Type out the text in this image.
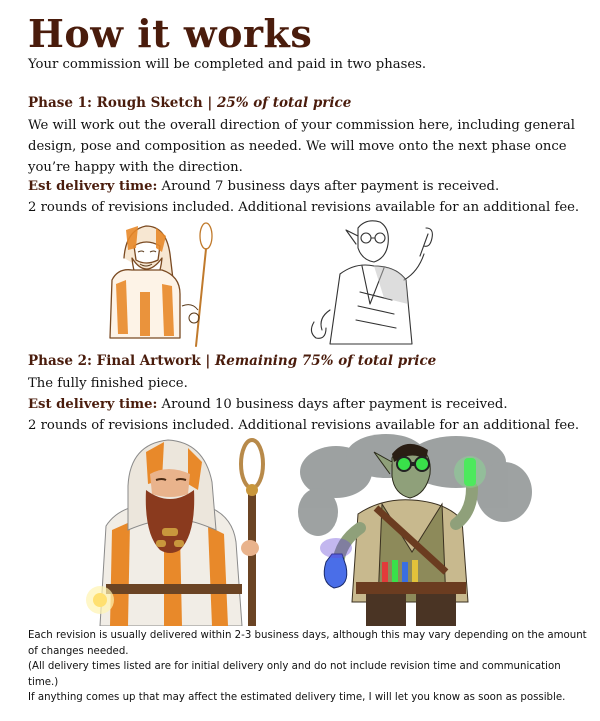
How it works
Your commission will be completed and paid in two phases.
Phase 1: Rough Sketch | 25% of total price
We will work out the overall direction of your commission here, including general design, pose and composition as needed. We will move onto the next phase once you’re happy with the direction.
Est delivery time: Around 7 business days after payment is received.
2 rounds of revisions included. Additional revisions available for an additional fee.
Phase 2: Final Artwork | Remaining 75% of total price
The fully finished piece.
Est delivery time: Around 10 business days after payment is received.
2 rounds of revisions included. Additional revisions available for an additional fee.
Each revision is usually delivered within 2-3 business days, although this may vary depending on the amount of changes needed.
(All delivery times listed are for initial delivery only and do not include revision time and communication time.)
If anything comes up that may affect the estimated delivery time, I will let you know as soon as possible.
